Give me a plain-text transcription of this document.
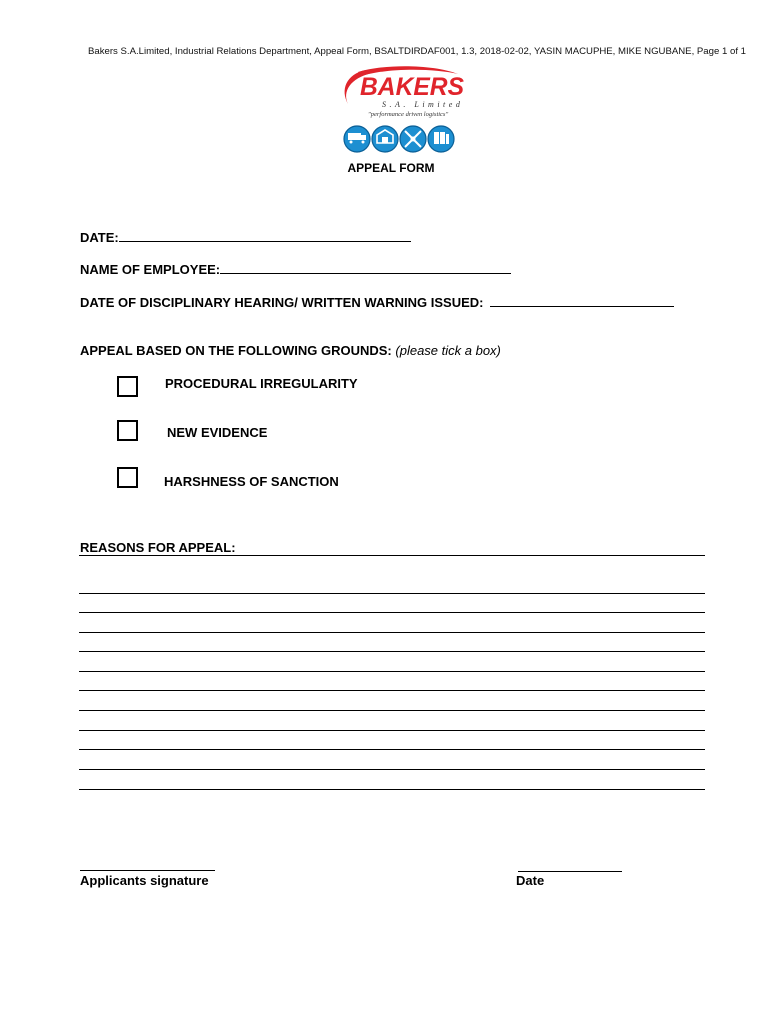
Bakers S.A.Limited, Industrial Relations Department, Appeal Form, BSALTDIRDAF001, 1.3, 2018-02-02, YASIN MACUPHE, MIKE NGUBANE, Page 1 of 1
BAKERS
S.A. Limited
"performance driven logistics"
APPEAL FORM
DATE:
NAME OF EMPLOYEE:
DATE OF DISCIPLINARY HEARING/ WRITTEN WARNING ISSUED:
APPEAL BASED ON THE FOLLOWING GROUNDS: (please tick a box)
PROCEDURAL IRREGULARITY
NEW EVIDENCE
HARSHNESS OF SANCTION
REASONS FOR APPEAL:
Applicants signature	Date
